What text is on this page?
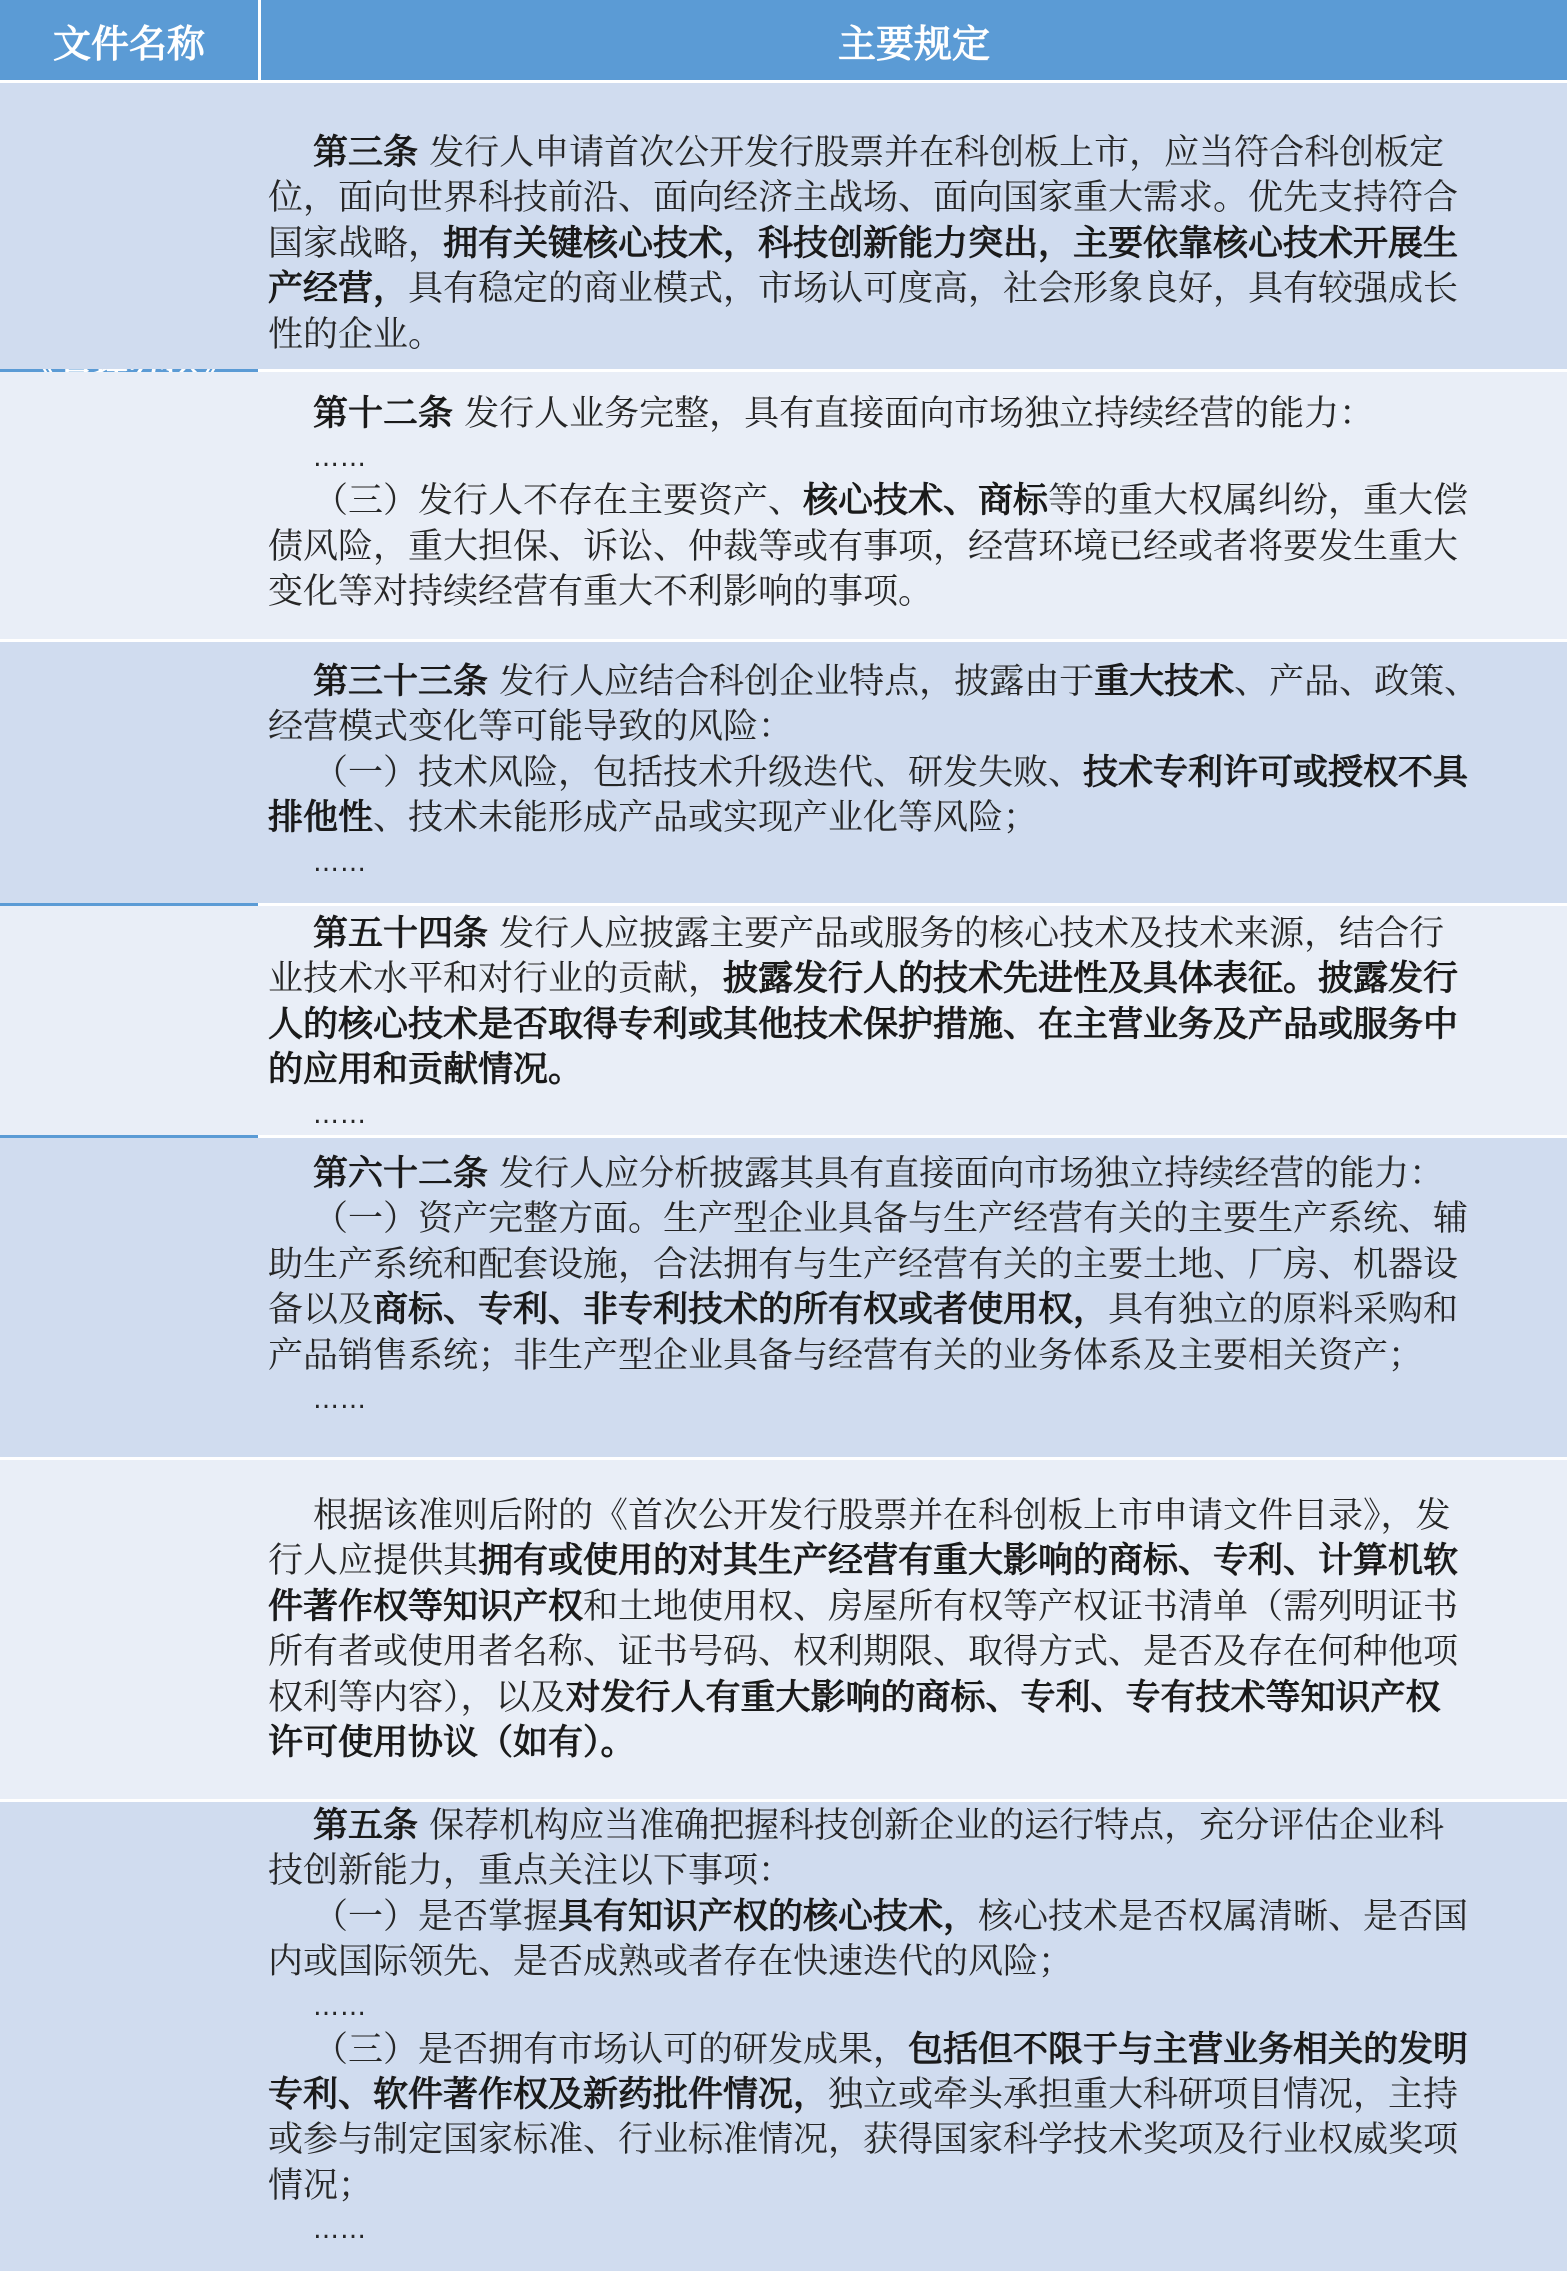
文件名称	主要规定

第三条 发行人申请首次公开发行股票并在科创板上市，应当符合科创板定

位，面向世界科技前沿、面向经济主战场、面向国家重大需求。优先支持符合

国家战略，拥有关键核心技术，科技创新能力突出，主要依靠核心技术开展生

产经营，具有稳定的商业模式，市场认可度高，社会形象良好，具有较强成长

性的企业。

第十二条 发行人业务完整，具有直接面向市场独立持续经营的能力：

……

（三）发行人不存在主要资产、核心技术、商标等的重大权属纠纷，重大偿

债风险，重大担保、诉讼、仲裁等或有事项，经营环境已经或者将要发生重大

变化等对持续经营有重大不利影响的事项。

第三十三条 发行人应结合科创企业特点，披露由于重大技术、产品、政策、

经营模式变化等可能导致的风险：

（一）技术风险，包括技术升级迭代、研发失败、技术专利许可或授权不具

排他性、技术未能形成产品或实现产业化等风险；

……

第五十四条 发行人应披露主要产品或服务的核心技术及技术来源，结合行

业技术水平和对行业的贡献，披露发行人的技术先进性及具体表征。披露发行

人的核心技术是否取得专利或其他技术保护措施、在主营业务及产品或服务中

的应用和贡献情况。

……

第六十二条 发行人应分析披露其具有直接面向市场独立持续经营的能力：

（一）资产完整方面。生产型企业具备与生产经营有关的主要生产系统、辅

助生产系统和配套设施，合法拥有与生产经营有关的主要土地、厂房、机器设

备以及商标、专利、非专利技术的所有权或者使用权，具有独立的原料采购和

产品销售系统；非生产型企业具备与经营有关的业务体系及主要相关资产；

……

根据该准则后附的《首次公开发行股票并在科创板上市申请文件目录》，发

行人应提供其拥有或使用的对其生产经营有重大影响的商标、专利、计算机软

件著作权等知识产权和土地使用权、房屋所有权等产权证书清单（需列明证书

所有者或使用者名称、证书号码、权利期限、取得方式、是否及存在何种他项

权利等内容），以及对发行人有重大影响的商标、专利、专有技术等知识产权

许可使用协议（如有）。

第五条 保荐机构应当准确把握科技创新企业的运行特点，充分评估企业科

技创新能力，重点关注以下事项：

（一）是否掌握具有知识产权的核心技术，核心技术是否权属清晰、是否国

内或国际领先、是否成熟或者存在快速迭代的风险；

……

（三）是否拥有市场认可的研发成果，包括但不限于与主营业务相关的发明

专利、软件著作权及新药批件情况，独立或牵头承担重大科研项目情况，主持

或参与制定国家标准、行业标准情况，获得国家科学技术奖项及行业权威奖项

情况；

……
